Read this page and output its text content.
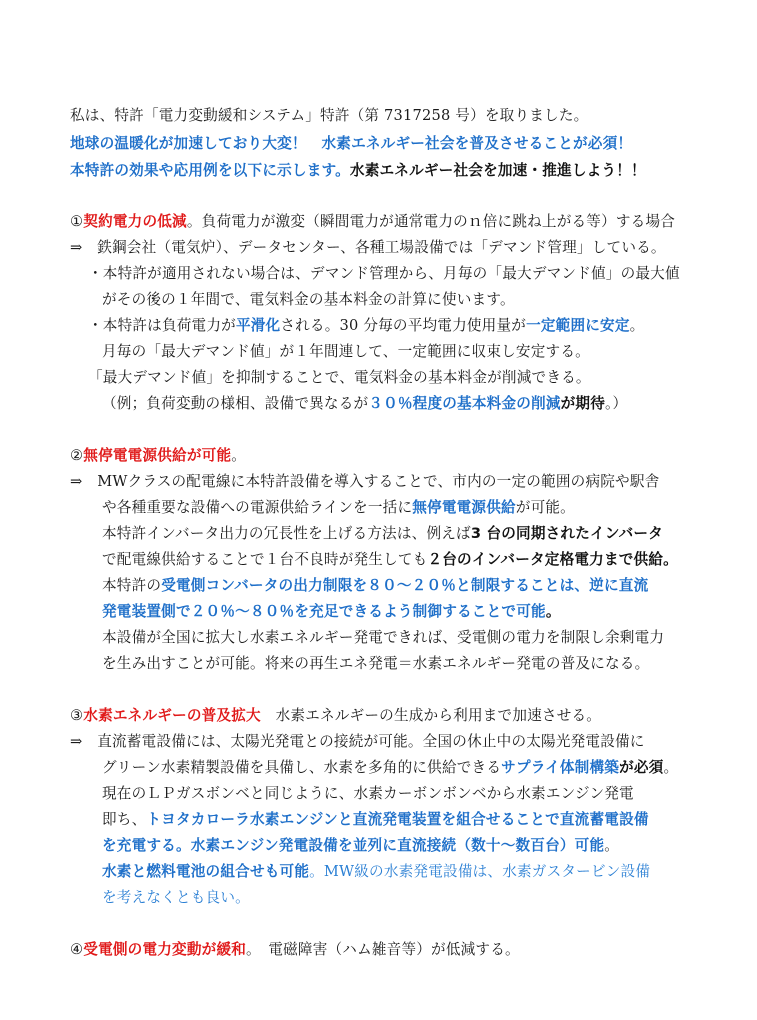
私は、特許「電力変動緩和システム」特許（第 7317258 号）を取りました。
地球の温暖化が加速しており大変！　水素エネルギー社会を普及させることが必須！
本特許の効果や応用例を以下に示します。水素エネルギー社会を加速・推進しよう！！
①契約電力の低減。負荷電力が激変（瞬間電力が通常電力のｎ倍に跳ね上がる等）する場合
⇒　鉄鋼会社（電気炉）、データセンター、各種工場設備では「デマンド管理」している。
・本特許が適用されない場合は、デマンド管理から、月毎の「最大デマンド値」の最大値
がその後の１年間で、電気料金の基本料金の計算に使います。
・本特許は負荷電力が平滑化される。30 分毎の平均電力使用量が一定範囲に安定。
月毎の「最大デマンド値」が１年間連して、一定範囲に収束し安定する。
「最大デマンド値」を抑制することで、電気料金の基本料金が削減できる。
（例；負荷変動の様相、設備で異なるが３０％程度の基本料金の削減が期待。）
②無停電電源供給が可能。
⇒　MWクラスの配電線に本特許設備を導入することで、市内の一定の範囲の病院や駅舎
や各種重要な設備への電源供給ラインを一括に無停電電源供給が可能。
本特許インバータ出力の冗長性を上げる方法は、例えば3 台の同期されたインバータ
で配電線供給することで１台不良時が発生しても２台のインバータ定格電力まで供給。
本特許の受電側コンバータの出力制限を８０～２０％と制限することは、逆に直流
発電装置側で２０％～８０％を充足できるよう制御することで可能。
本設備が全国に拡大し水素エネルギー発電できれば、受電側の電力を制限し余剰電力
を生み出すことが可能。将来の再生エネ発電＝水素エネルギー発電の普及になる。
③水素エネルギーの普及拡大　水素エネルギーの生成から利用まで加速させる。
⇒　直流蓄電設備には、太陽光発電との接続が可能。全国の休止中の太陽光発電設備に
グリーン水素精製設備を具備し、水素を多角的に供給できるサプライ体制構築が必須。
現在のＬＰガスボンベと同じように、水素カーボンボンベから水素エンジン発電
即ち、トヨタカローラ水素エンジンと直流発電装置を組合せることで直流蓄電設備
を充電する。水素エンジン発電設備を並列に直流接続（数十～数百台）可能。
水素と燃料電池の組合せも可能。MW級の水素発電設備は、水素ガスタービン設備
を考えなくとも良い。
④受電側の電力変動が緩和。　電磁障害（ハム雑音等）が低減する。
